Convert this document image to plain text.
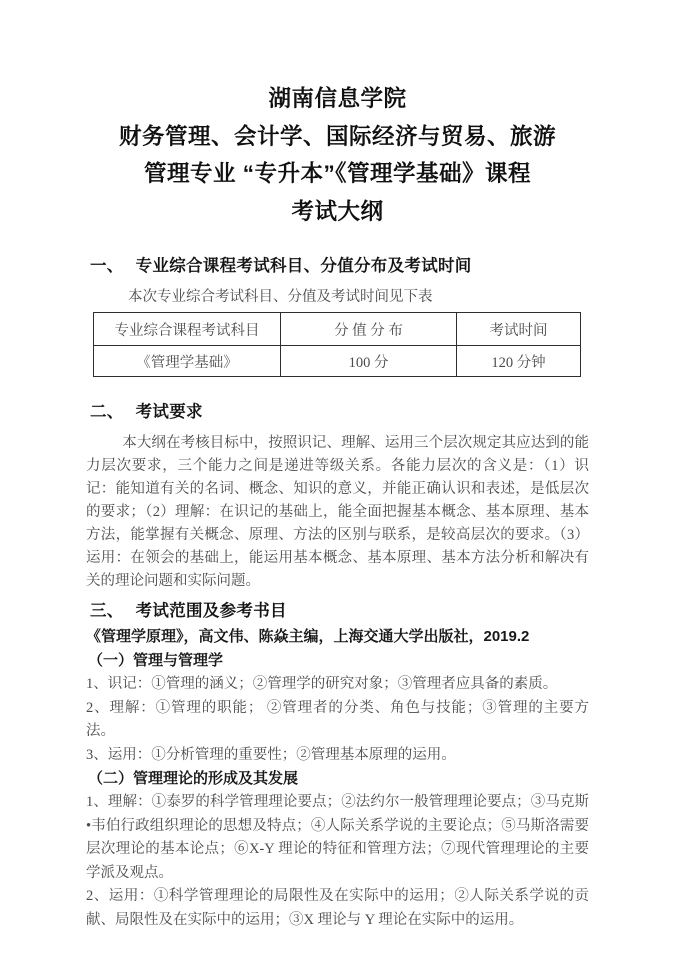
湖南信息学院
财务管理、会计学、国际经济与贸易、旅游
管理专业 “专升本”《管理学基础》课程
考试大纲
一、 专业综合课程考试科目、分值分布及考试时间

本次专业综合考试科目、分值及考试时间见下表

专业综合课程考试科目	分 值 分 布	考试时间
《管理学基础》	100 分	120 分钟
二、 考试要求

本大纲在考核目标中，按照识记、理解、运用三个层次规定其应达到的能力层次要求，三个能力之间是递进等级关系。各能力层次的含义是：（1）识记：能知道有关的名词、概念、知识的意义，并能正确认识和表述，是低层次的要求；（2）理解：在识记的基础上，能全面把握基本概念、基本原理、基本方法，能掌握有关概念、原理、方法的区别与联系，是较高层次的要求。（3）运用：在领会的基础上，能运用基本概念、基本原理、基本方法分析和解决有关的理论问题和实际问题。

三、 考试范围及参考书目

《管理学原理》，高文伟、陈焱主编，上海交通大学出版社，2019.2

（一）管理与管理学

1、识记：①管理的涵义；②管理学的研究对象；③管理者应具备的素质。

2、理解：①管理的职能； ②管理者的分类、角色与技能；③管理的主要方法。

3、运用：①分析管理的重要性；②管理基本原理的运用。

（二）管理理论的形成及其发展

1、理解：①泰罗的科学管理理论要点；②法约尔一般管理理论要点；③马克斯 •韦伯行政组织理论的思想及特点；④人际关系学说的主要论点；⑤马斯洛需要层次理论的基本论点；⑥X-Y 理论的特征和管理方法；⑦现代管理理论的主要学派及观点。

2、运用：①科学管理理论的局限性及在实际中的运用；②人际关系学说的贡献、局限性及在实际中的运用；③X 理论与 Y 理论在实际中的运用。
